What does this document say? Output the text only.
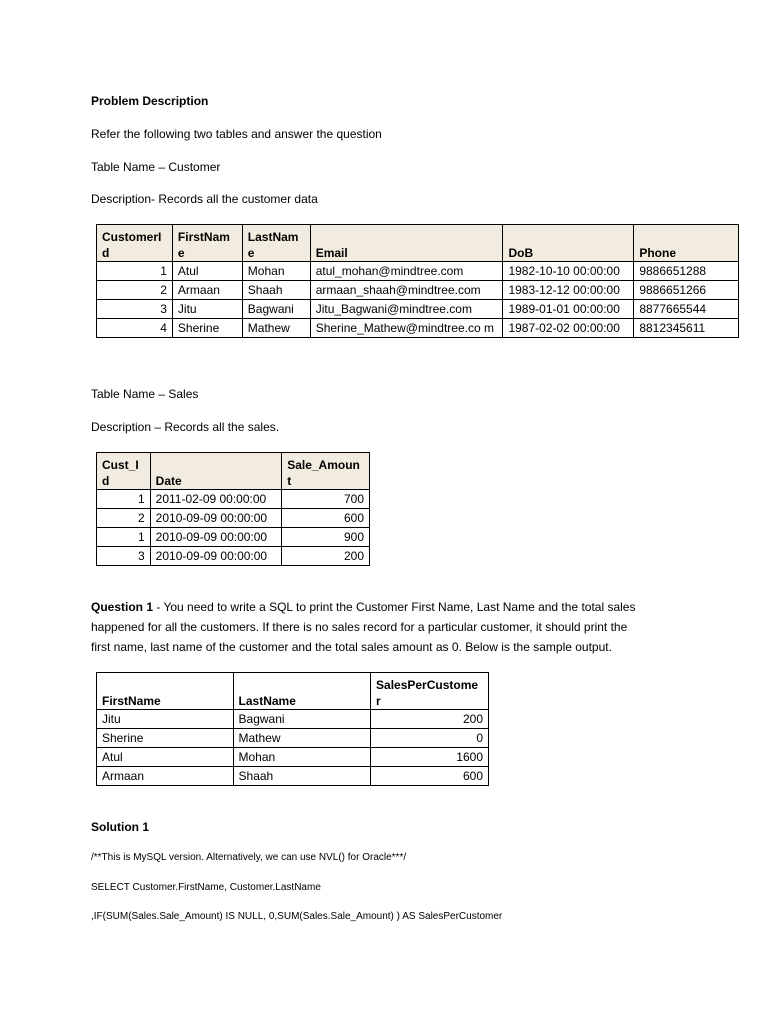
Problem Description
Refer the following two tables and answer the question
Table Name – Customer
Description- Records all the customer data
CustomerI d	FirstNam e	LastNam e	Email	DoB	Phone
1	Atul	Mohan	atul_mohan@mindtree.com	1982-10-10 00:00:00	9886651288
2	Armaan	Shaah	armaan_shaah@mindtree.com	1983-12-12 00:00:00	9886651266
3	Jitu	Bagwani	Jitu_Bagwani@mindtree.com	1989-01-01 00:00:00	8877665544
4	Sherine	Mathew	Sherine_Mathew@mindtree.co m	1987-02-02 00:00:00	8812345611
Table Name – Sales
Description – Records all the sales.
Cust_I d	Date	Sale_Amoun t
1	2011-02-09 00:00:00	700
2	2010-09-09 00:00:00	600
1	2010-09-09 00:00:00	900
3	2010-09-09 00:00:00	200
Question 1 - You need to write a SQL to print the Customer First Name, Last Name and the total sales
happened for all the customers. If there is no sales record for a particular customer, it should print the
first name, last name of the customer and the total sales amount as 0. Below is the sample output.
FirstName	LastName	SalesPerCustome r
Jitu	Bagwani	200
Sherine	Mathew	0
Atul	Mohan	1600
Armaan	Shaah	600
Solution 1
/**This is MySQL version. Alternatively, we can use NVL() for Oracle***/
SELECT Customer.FirstName, Customer.LastName
,IF(SUM(Sales.Sale_Amount) IS NULL, 0,SUM(Sales.Sale_Amount) ) AS SalesPerCustomer
